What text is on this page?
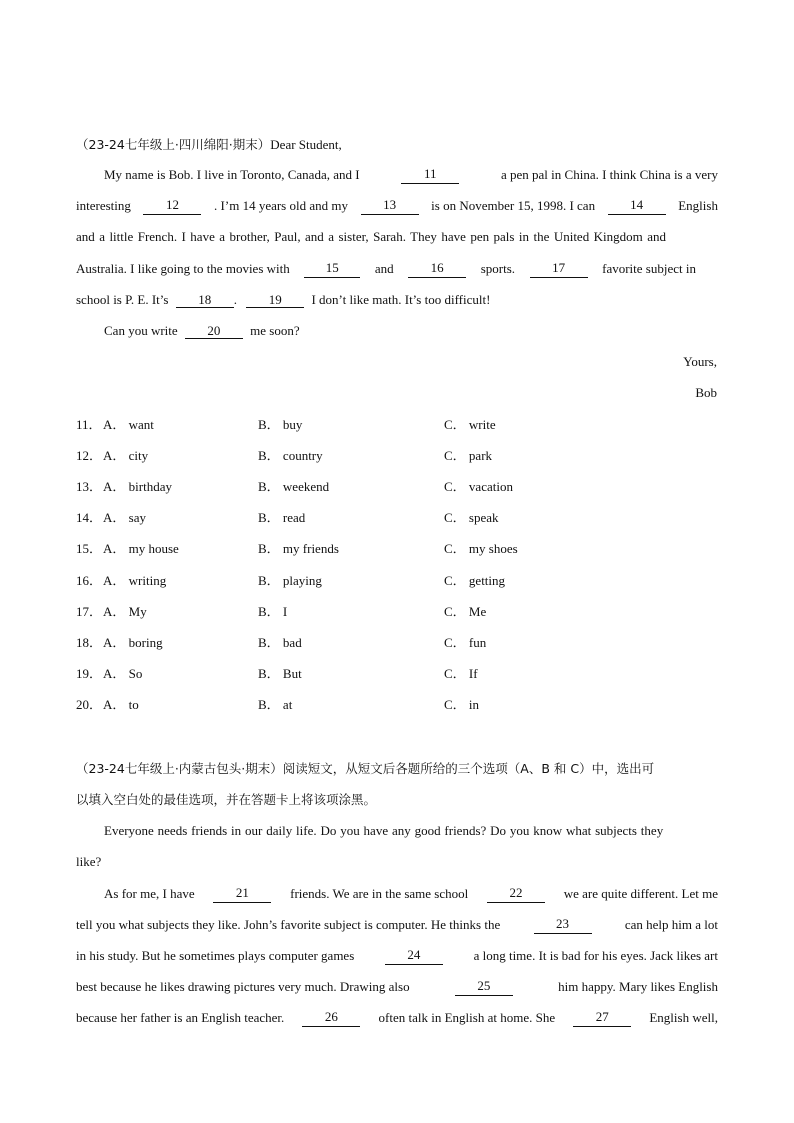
（23-24七年级上·四川绵阳·期末）Dear Student,
My name is Bob. I live in Toronto, Canada, and I	11	a pen pal in China. I think China is a very
interesting	12	. I’m 14 years old and my	13	is on November 15, 1998. I can	14	English
and a little French. I have a brother, Paul, and a sister, Sarah. They have pen pals in the United Kingdom and
Australia. I like going to the movies with	15	and	16	sports.	17	favorite subject in
school is P. E. It’s 18 . 19 I don’t like math. It’s too difficult!
Can you write 20 me soon?
Yours,
Bob
11． A． want	B． buy	C． write
12． A． city	B． country	C． park
13． A． birthday	B． weekend	C． vacation
14． A． say	B． read	C． speak
15． A． my house	B． my friends	C． my shoes
16． A． writing	B． playing	C． getting
17． A． My	B． I	C． Me
18． A． boring	B． bad	C． fun
19． A． So	B． But	C． If
20． A． to	B． at	C． in
（23-24七年级上·内蒙古包头·期末）阅读短文，从短文后各题所给的三个选项（A、B 和 C）中，选出可
以填入空白处的最佳选项，并在答题卡上将该项涂黑。
Everyone needs friends in our daily life. Do you have any good friends? Do you know what subjects they
like?
As for me, I have	21	friends. We are in the same school	22	we are quite different. Let me
tell you what subjects they like. John’s favorite subject is computer. He thinks the	23	can help him a lot
in his study. But he sometimes plays computer games	24	a long time. It is bad for his eyes. Jack likes art
best because he likes drawing pictures very much. Drawing also	25	him happy. Mary likes English
because her father is an English teacher.	26	often talk in English at home. She	27	English well,
